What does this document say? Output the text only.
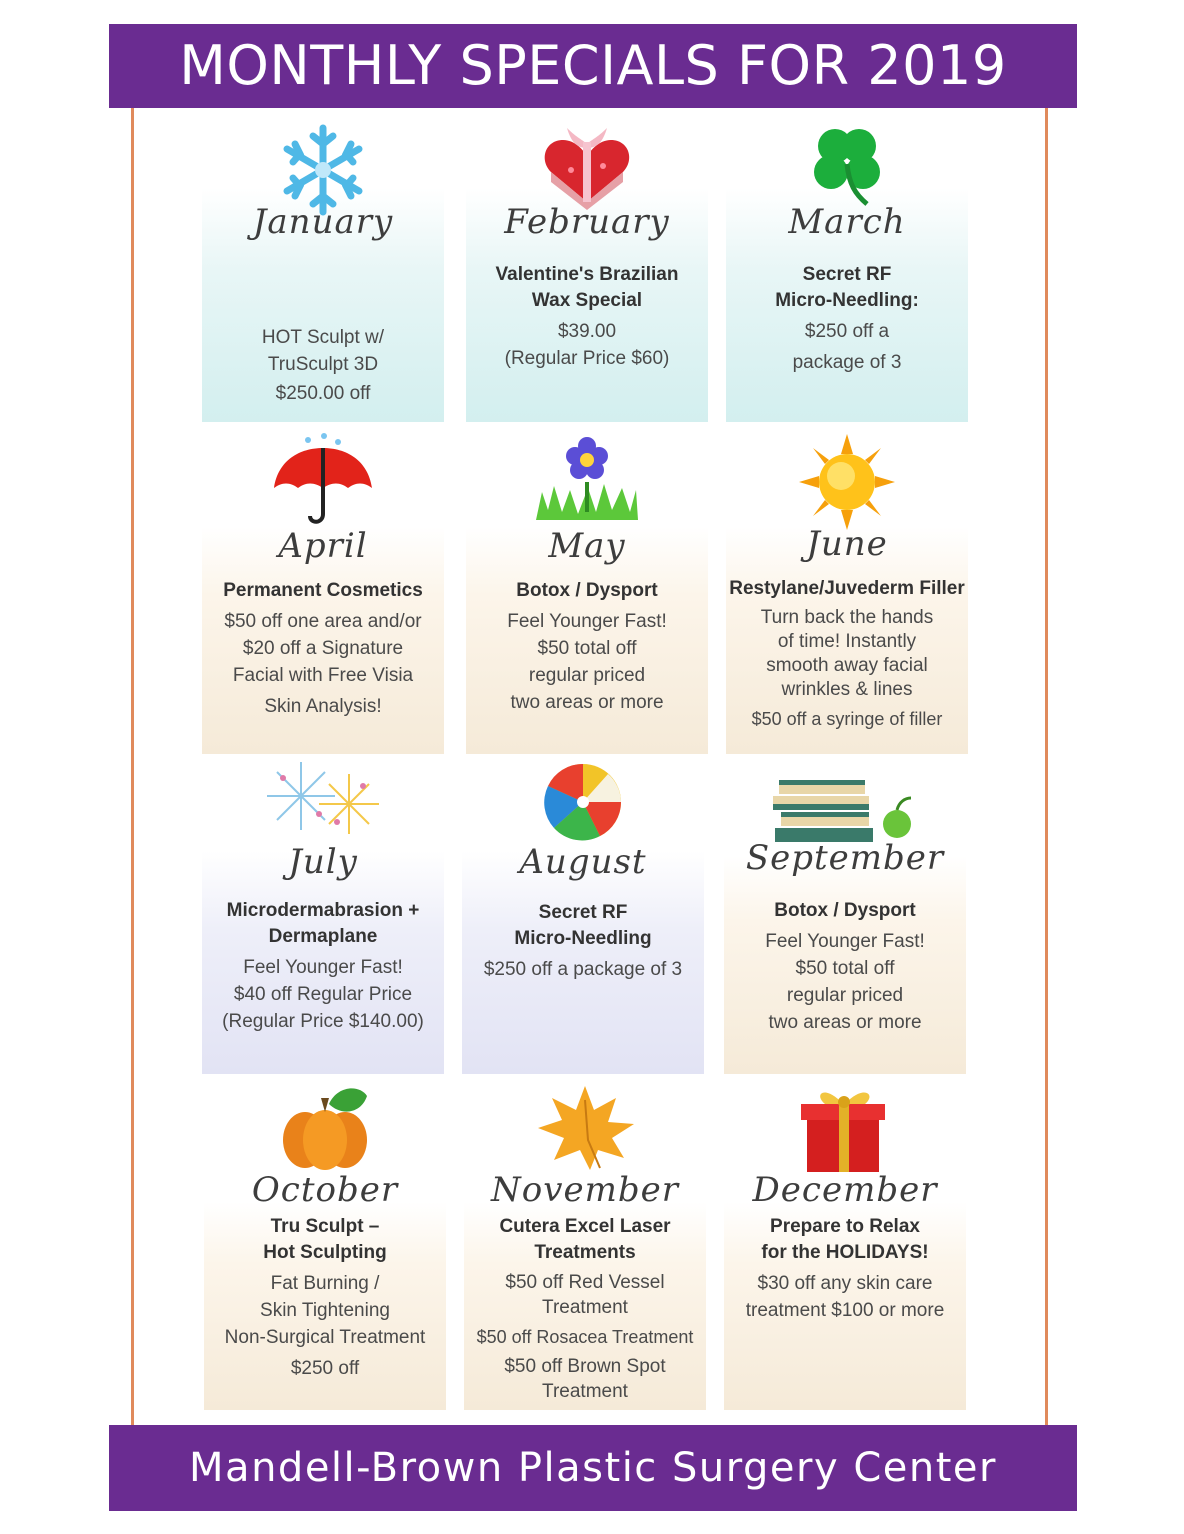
MONTHLY SPECIALS FOR 2019
January
HOT Sculpt w/
TruSculpt 3D
$250.00 off
February
Valentine's Brazilian
Wax Special
$39.00
(Regular Price $60)
March
Secret RF
Micro-Needling:
$250 off a
package of 3
April
Permanent Cosmetics
$50 off one area and/or
$20 off a Signature
Facial with Free Visia
Skin Analysis!
May
Botox / Dysport
Feel Younger Fast!
$50 total off
regular priced
two areas or more
June
Restylane/Juvederm Filler
Turn back the hands
of time! Instantly
smooth away facial
wrinkles & lines
$50 off a syringe of filler
July
Microdermabrasion +
Dermaplane
Feel Younger Fast!
$40 off Regular Price
(Regular Price $140.00)
August
Secret RF
Micro-Needling
$250 off a package of 3
September
Botox / Dysport
Feel Younger Fast!
$50 total off
regular priced
two areas or more
October
Tru Sculpt –
Hot Sculpting
Fat Burning /
Skin Tightening
Non-Surgical Treatment
$250 off
November
Cutera Excel Laser
Treatments
$50 off Red Vessel
Treatment
$50 off Rosacea Treatment
$50 off Brown Spot
Treatment
December
Prepare to Relax
for the HOLIDAYS!
$30 off any skin care
treatment $100 or more
Mandell-Brown Plastic Surgery Center
